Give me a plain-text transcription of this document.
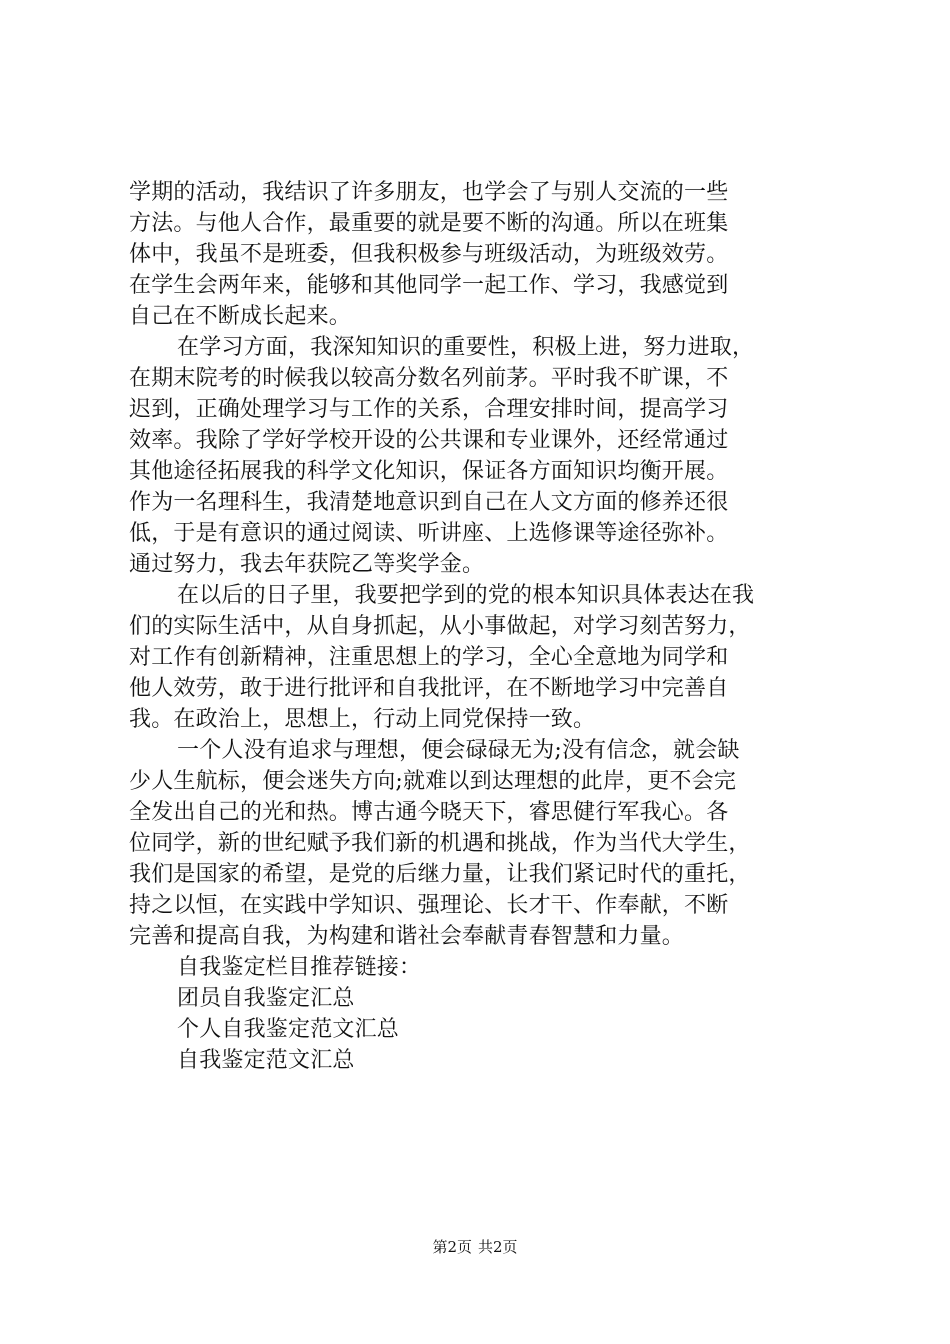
学期的活动，我结识了许多朋友，也学会了与别人交流的一些
方法。与他人合作，最重要的就是要不断的沟通。所以在班集
体中，我虽不是班委，但我积极参与班级活动，为班级效劳。
在学生会两年来，能够和其他同学一起工作、学习，我感觉到
自己在不断成长起来。
在学习方面，我深知知识的重要性，积极上进，努力进取，
在期末院考的时候我以较高分数名列前茅。平时我不旷课，不
迟到，正确处理学习与工作的关系，合理安排时间，提高学习
效率。我除了学好学校开设的公共课和专业课外，还经常通过
其他途径拓展我的科学文化知识，保证各方面知识均衡开展。
作为一名理科生，我清楚地意识到自己在人文方面的修养还很
低，于是有意识的通过阅读、听讲座、上选修课等途径弥补。
通过努力，我去年获院乙等奖学金。
在以后的日子里，我要把学到的党的根本知识具体表达在我
们的实际生活中，从自身抓起，从小事做起，对学习刻苦努力，
对工作有创新精神，注重思想上的学习，全心全意地为同学和
他人效劳，敢于进行批评和自我批评，在不断地学习中完善自
我。在政治上，思想上，行动上同党保持一致。
一个人没有追求与理想，便会碌碌无为;没有信念，就会缺
少人生航标，便会迷失方向;就难以到达理想的此岸，更不会完
全发出自己的光和热。博古通今晓天下，睿思健行军我心。各
位同学，新的世纪赋予我们新的机遇和挑战，作为当代大学生，
我们是国家的希望，是党的后继力量，让我们紧记时代的重托，
持之以恒，在实践中学知识、强理论、长才干、作奉献，不断
完善和提高自我，为构建和谐社会奉献青春智慧和力量。
自我鉴定栏目推荐链接：
团员自我鉴定汇总
个人自我鉴定范文汇总
自我鉴定范文汇总
第2页 共2页
